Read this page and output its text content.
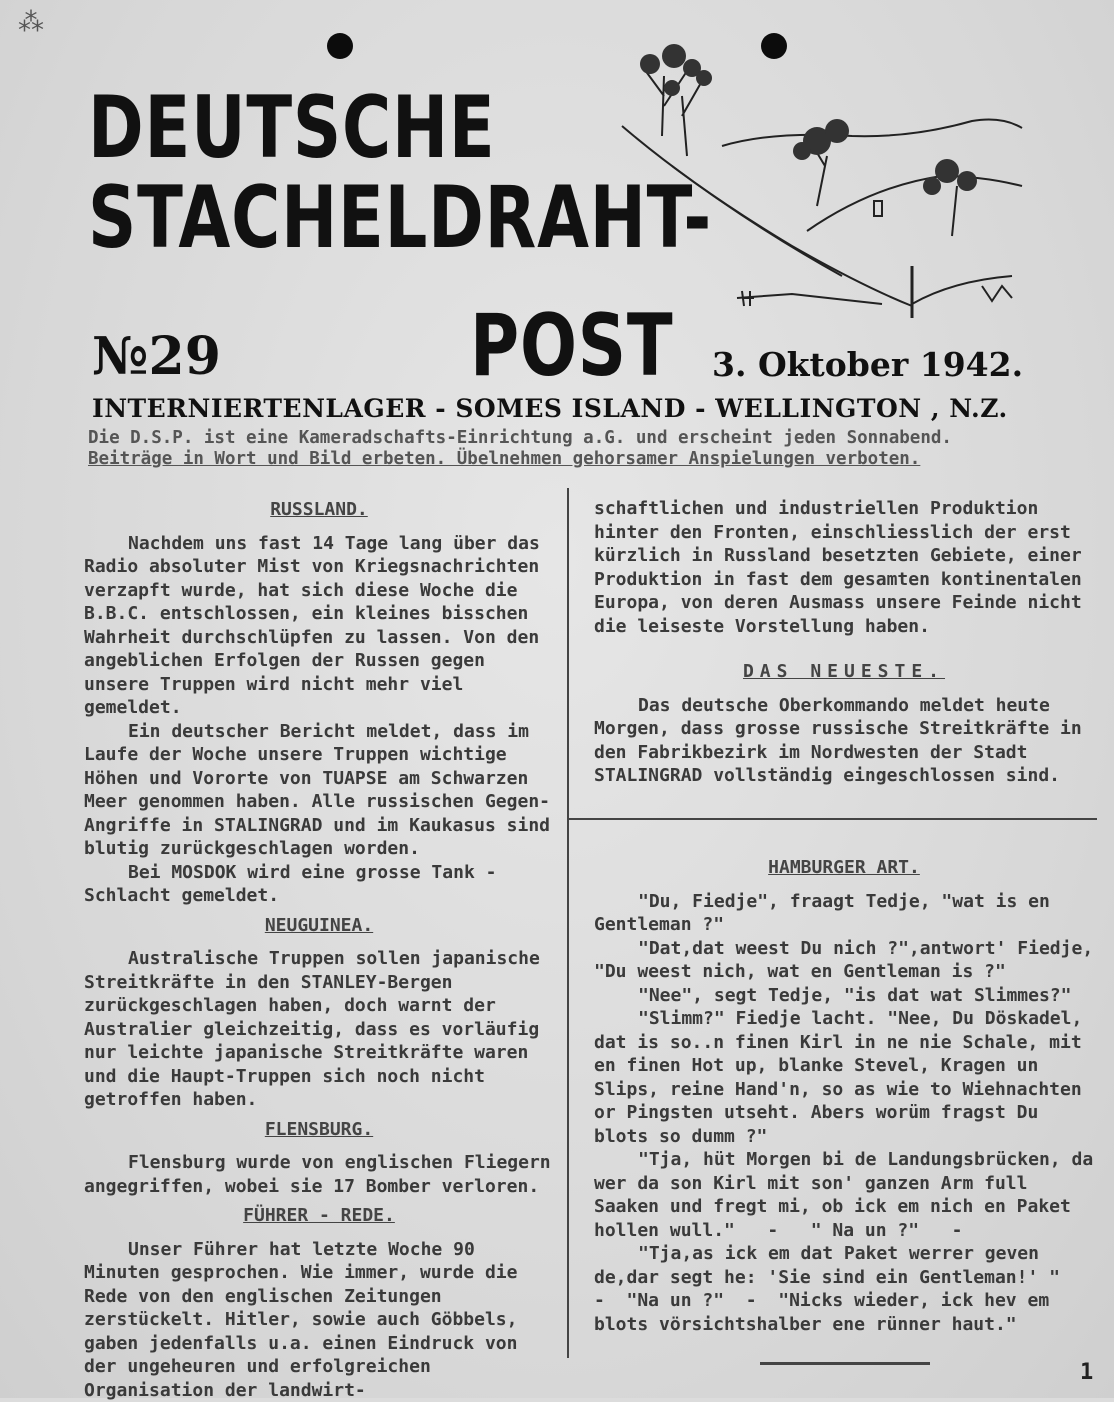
⁂
DEUTSCHE
STACHELDRAHT-
POST
№29	3. Oktober 1942.
INTERNIERTENLAGER - SOMES ISLAND - WELLINGTON , N.Z.
Die D.S.P. ist eine Kameradschafts-Einrichtung a.G. und erscheint jeden Sonnabend.
Beiträge in Wort und Bild erbeten. Übelnehmen gehorsamer Anspielungen verboten.
RUSSLAND.

Nachdem uns fast 14 Tage lang über das Radio absoluter Mist von Kriegsnachrichten verzapft wurde, hat sich diese Woche die B.B.C. entschlossen, ein kleines bisschen Wahrheit durchschlüpfen zu lassen. Von den angeblichen Erfolgen der Russen gegen unsere Truppen wird nicht mehr viel gemeldet.

Ein deutscher Bericht meldet, dass im Laufe der Woche unsere Truppen wichtige Höhen und Vororte von TUAPSE am Schwarzen Meer genommen haben. Alle russischen Gegen-Angriffe in STALINGRAD und im Kaukasus sind blutig zurückgeschlagen worden.

Bei MOSDOK wird eine grosse Tank - Schlacht gemeldet.

NEUGUINEA.

Australische Truppen sollen japanische Streitkräfte in den STANLEY-Bergen zurückgeschlagen haben, doch warnt der Australier gleichzeitig, dass es vorläufig nur leichte japanische Streitkräfte waren und die Haupt-Truppen sich noch nicht getroffen haben.

FLENSBURG.

Flensburg wurde von englischen Fliegern angegriffen, wobei sie 17 Bomber verloren.

FÜHRER - REDE.

Unser Führer hat letzte Woche 90 Minuten gesprochen. Wie immer, wurde die Rede von den englischen Zeitungen zerstückelt. Hitler, sowie auch Göbbels, gaben jedenfalls u.a. einen Eindruck von der ungeheuren und erfolgreichen Organisation der landwirt-

schaftlichen und industriellen Produktion hinter den Fronten, einschliesslich der erst kürzlich in Russland besetzten Gebiete, einer Produktion in fast dem gesamten kontinentalen Europa, von deren Ausmass unsere Feinde nicht die leiseste Vorstellung haben.

DAS NEUESTE.

Das deutsche Oberkommando meldet heute Morgen, dass grosse russische Streitkräfte in den Fabrikbezirk im Nordwesten der Stadt STALINGRAD vollständig eingeschlossen sind.

HAMBURGER ART.

"Du, Fiedje", fraagt Tedje, "wat is en Gentleman ?"

"Dat,dat weest Du nich ?",antwort' Fiedje, "Du weest nich, wat en Gentleman is ?"

"Nee", segt Tedje, "is dat wat Slimmes?"

"Slimm?" Fiedje lacht. "Nee, Du Döskadel, dat is so..n finen Kirl in ne nie Schale, mit en finen Hot up, blanke Stevel, Kragen un Slips, reine Hand'n, so as wie to Wiehnachten or Pingsten utseht. Abers worüm fragst Du blots so dumm ?"

"Tja, hüt Morgen bi de Landungsbrücken, da wer da son Kirl mit son' ganzen Arm full Saaken und fregt mi, ob ick em nich en Paket hollen wull."   -   " Na un ?"   -

"Tja,as ick em dat Paket werrer geven de,dar segt he: 'Sie sind ein Gentleman!' "

-  "Na un ?"  -  "Nicks wieder, ick hev em blots vörsichtshalber ene rünner haut."

1
